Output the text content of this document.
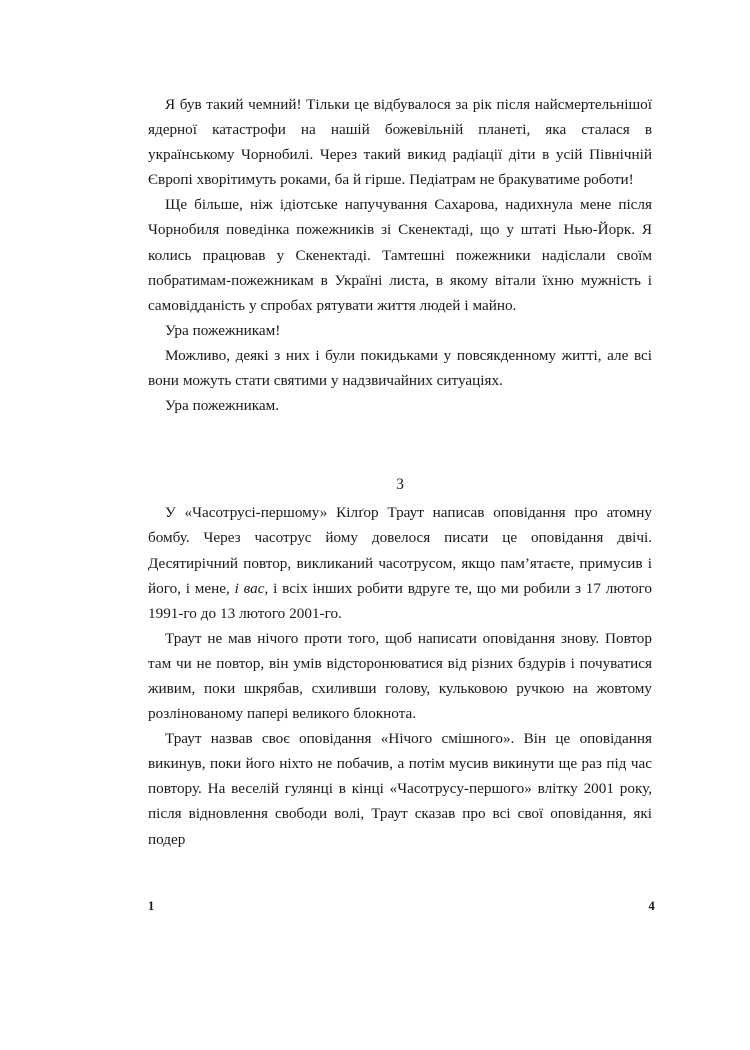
Я був такий чемний! Тільки це відбувалося за рік після найсмертельнішої ядерної катастрофи на нашій божевільній планеті, яка сталася в українському Чорнобилі. Через такий викид радіації діти в усій Північній Європі хворітимуть роками, ба й гірше. Педіатрам не бракуватиме роботи!

Ще більше, ніж ідіотське напучування Сахарова, надихнула мене після Чорнобиля поведінка пожежників зі Скенектаді, що у штаті Нью-Йорк. Я колись працював у Скенектаді. Тамтешні пожежники надіслали своїм побратимам-пожежникам в Україні листа, в якому вітали їхню мужність і самовідданість у спробах рятувати життя людей і майно.

Ура пожежникам!

Можливо, деякі з них і були покидьками у повсякденному житті, але всі вони можуть стати святими у надзвичайних ситуаціях.

Ура пожежникам.

3

У «Часотрусі-першому» Кілґор Траут написав оповідання про атомну бомбу. Через часотрус йому довелося писати це оповідання двічі. Десятирічний повтор, викликаний часотрусом, якщо пам’ятаєте, примусив і його, і мене, і вас, і всіх інших робити вдруге те, що ми робили з 17 лютого 1991-го до 13 лютого 2001-го.

Траут не мав нічого проти того, щоб написати оповідання знову. Повтор там чи не повтор, він умів відсторонюватися від різних бздурів і почуватися живим, поки шкрябав, схиливши голову, кульковою ручкою на жовтому розлінованому папері великого блокнота.

Траут назвав своє оповідання «Нічого смішного». Він це оповідання викинув, поки його ніхто не побачив, а потім мусив викинути ще раз під час повтору. На веселій гулянці в кінці «Часотрусу-першого» влітку 2001 року, після відновлення свободи волі, Траут сказав про всі свої оповідання, які подер

1	4
